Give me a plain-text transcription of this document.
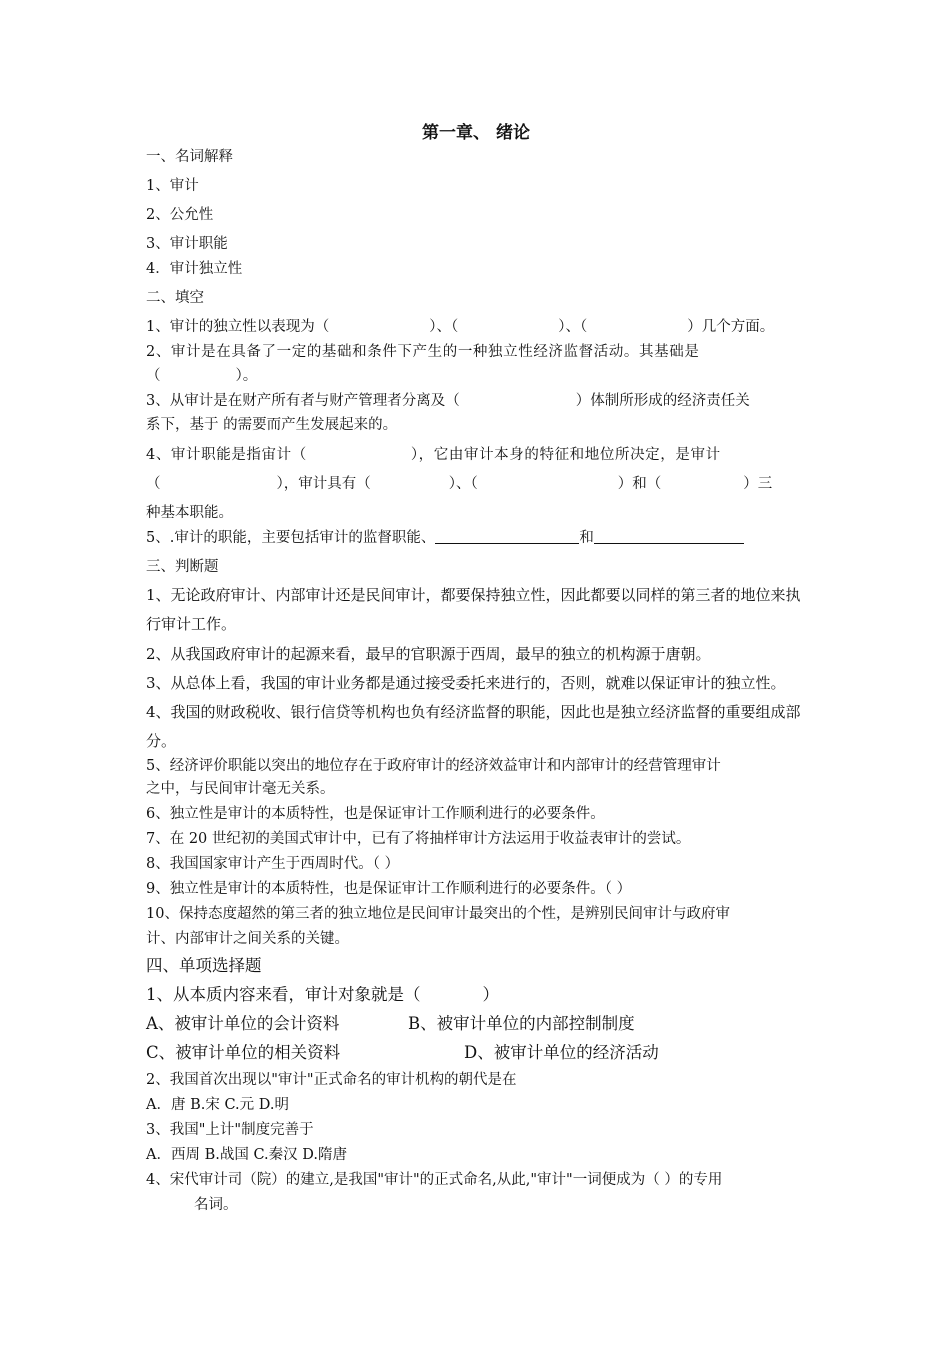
第一章、 绪论
一、名词解释
1、审计
2、公允性
3、审计职能
4．审计独立性
二、填空
1、审计的独立性以表现为（	）、（	）、（	）几个方面。
2、审计是在具备了一定的基础和条件下产生的一种独立性经济监督活动。其基础是
（	）。
3、从审计是在财产所有者与财产管理者分离及（	）体制所形成的经济责任关
系下，基于 的需要而产生发展起来的。
4、审计职能是指宙计（	），它由审计本身的特征和地位所决定，是审计
（	），审计具有（	）、（	）和（	）三
种基本职能。
5、.审计的职能，主要包括审计的监督职能、	和
三、判断题
1、无论政府审计、内部审计还是民间审计，都要保持独立性，因此都要以同样的第三者的地位来执
行审计工作。
2、从我国政府审计的起源来看，最早的官职源于西周，最早的独立的机构源于唐朝。
3、从总体上看，我国的审计业务都是通过接受委托来进行的，否则，就难以保证审计的独立性。
4、我国的财政税收、银行信贷等机构也负有经济监督的职能，因此也是独立经济监督的重要组成部
分。
5、经济评价职能以突出的地位存在于政府审计的经济效益审计和内部审计的经营管理审计
之中，与民间审计毫无关系。
6、独立性是审计的本质特性，也是保证审计工作顺利进行的必要条件。
7、在 20 世纪初的美国式审计中，已有了将抽样审计方法运用于收益表审计的尝试。
8、我国国家审计产生于西周时代。（ ）
9、独立性是审计的本质特性，也是保证审计工作顺利进行的必要条件。（ ）
10、保持态度超然的第三者的独立地位是民间审计最突出的个性，是辨别民间审计与政府审
计、内部审计之间关系的关键。
四、单项选择题
1、从本质内容来看，审计对象就是（	）
A、被审计单位的会计资料	B、被审计单位的内部控制制度
C、被审计单位的相关资料	D、被审计单位的经济活动
2、我国首次出现以"审计"正式命名的审计机构的朝代是在
A．唐 B.宋 C.元 D.明
3、我国"上计"制度完善于
A．西周 B.战国 C.秦汉 D.隋唐
4、宋代审计司（院）的建立,是我国"审计"的正式命名,从此,"审计"一词便成为（ ）的专用
名词。
